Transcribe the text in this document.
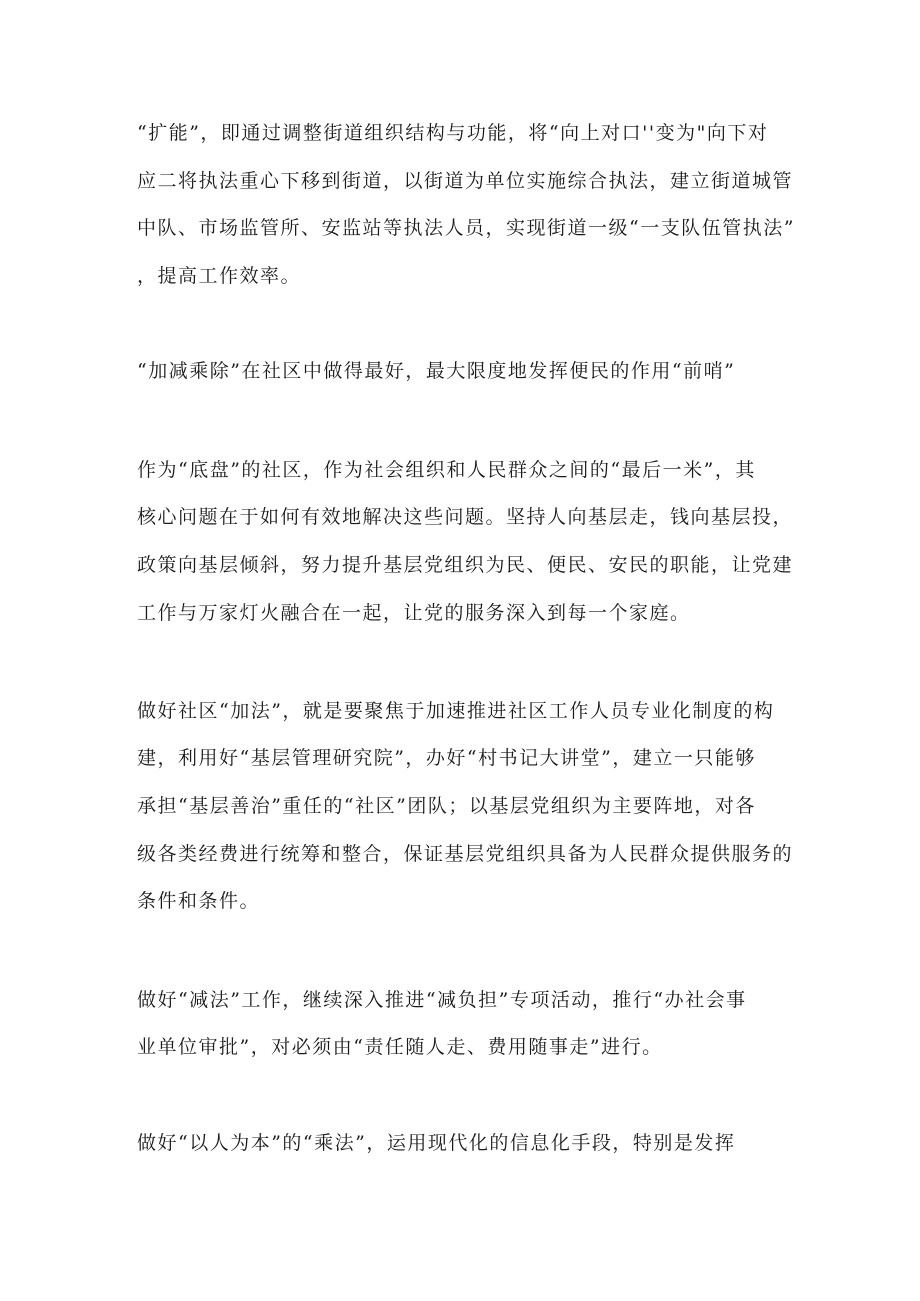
“扩能”，即通过调整街道组织结构与功能，将“向上对口''变为"向下对
应二将执法重心下移到街道，以街道为单位实施综合执法，建立街道城管
中队、市场监管所、安监站等执法人员，实现街道一级“一支队伍管执法”
，提高工作效率。
“加减乘除”在社区中做得最好，最大限度地发挥便民的作用“前哨”
作为“底盘”的社区，作为社会组织和人民群众之间的“最后一米”，其
核心问题在于如何有效地解决这些问题。坚持人向基层走，钱向基层投，
政策向基层倾斜，努力提升基层党组织为民、便民、安民的职能，让党建
工作与万家灯火融合在一起，让党的服务深入到每一个家庭。
做好社区“加法”，就是要聚焦于加速推进社区工作人员专业化制度的构
建，利用好“基层管理研究院”，办好“村书记大讲堂”，建立一只能够
承担“基层善治”重任的“社区”团队；以基层党组织为主要阵地，对各
级各类经费进行统筹和整合，保证基层党组织具备为人民群众提供服务的
条件和条件。
做好“减法”工作，继续深入推进“减负担”专项活动，推行“办社会事
业单位审批”，对必须由“责任随人走、费用随事走”进行。
做好“以人为本”的“乘法”，运用现代化的信息化手段，特别是发挥
